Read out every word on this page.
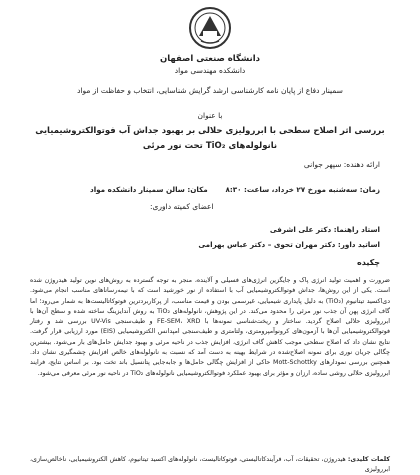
دانشگاه صنعتی اصفهان
دانشکده مهندسی مواد
سمینار دفاع از پایان نامه کارشناسی ارشد گرایش شناسایی، انتخاب و حفاظت از مواد
با عنوان
بررسی اثر اصلاح سطحی با ابررولیزی حلالی بر بهبود جداش آب فوتوالکتروشیمیایی نانولوله‌های TiO₂ تحت نور مرئی
ارائه دهنده: سپهر جوانی
زمان: سه‌شنبه مورخ ۲۷ خرداد، ساعت: ۸:۳۰
مکان: سالن سمینار دانشکده مواد
اعضای کمیته داوری:
استاد راهنما: دکتر علی اشرفی
اساتید داور: دکتر مهران تحوی – دکتر عباس بهرامی
چکیده
ضرورت و اهمیت تولید انرژی پاک و جایگزین انرژی‌های فسیلی و آلاینده، منجر به توجه گسترده به روش‌های نوین تولید هیدروژن شده است. یکی از این روش‌ها، جداش فوتوالکتروشیمیایی آب با استفاده از نور خورشید است که با نیمه‌رساناهای مناسب انجام می‌شود. دی‌اکسید تیتانیوم (TiO₂) به دلیل پایداری شیمیایی، غیرسمی بودن و قیمت مناسب، از پرکاربردترین فوتوکاتالیست‌ها به شمار می‌رود؛ اما گاف انرژی پهن آن جذب نور مرئی را محدود می‌کند. در این پژوهش، نانولوله‌های TiO₂ به روش آندایزینگ ساخته شده و سطح آن‌ها با ابررولیزی حلالی اصلاح گردید. ساختار و ریخت‌شناسی نمونه‌ها با FE-SEM، XRD و طیف‌سنجی UV-Vis بررسی شد و رفتار فوتوالکتروشیمیایی آن‌ها با آزمون‌های کرونوآمپرومتری، ولتامتری و طیف‌سنجی امپدانس الکتروشیمیایی (EIS) مورد ارزیابی قرار گرفت. نتایج نشان داد که اصلاح سطحی موجب کاهش گاف انرژی، افزایش جذب در ناحیه مرئی و بهبود جدایش حامل‌های بار می‌شود. بیشترین چگالی جریان نوری برای نمونه اصلاح‌شده در شرایط بهینه به دست آمد که نسبت به نانولوله‌های خالص افزایش چشمگیری نشان داد. همچنین بررسی نمودارهای Mott-Schottky حاکی از افزایش چگالی حامل‌ها و جابه‌جایی پتانسیل باند تخت بود. بر اساس نتایج، فرایند ابررولیزی حلالی روشی ساده، ارزان و مؤثر برای بهبود عملکرد فوتوالکتروشیمیایی نانولوله‌های TiO₂ در ناحیه نور مرئی معرفی می‌شود.
کلمات کلیدی: هیدروژن، تحقیقات، آب، فرآیندکاتالیستی، فوتوکاتالیست، نانولوله‌های اکسید تیتانیوم، کاهش الکتروشیمیایی، ناخالص‌سازی، ابررولیزی
